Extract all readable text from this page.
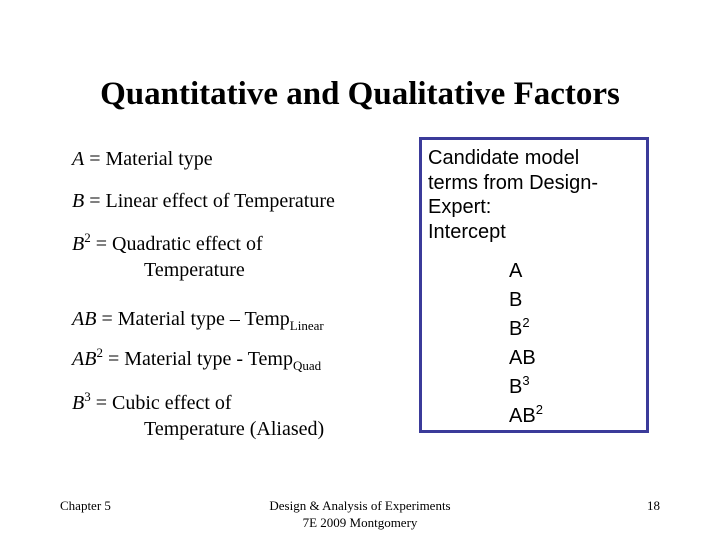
Quantitative and Qualitative Factors
A = Material type
B = Linear effect of Temperature
$B^2$ = Quadratic effect of
Temperature
AB = Material type – Temp$_{Linear}$
$AB^2$ = Material type - Temp$_{Quad}$
$B^3$ = Cubic effect of
Temperature (Aliased)
Candidate model
terms from Design-
Expert:
Intercept
A
B
$B^2$
AB
$B^3$
$AB^2$
Chapter 5	Design & Analysis of Experiments
7E 2009 Montgomery
18
